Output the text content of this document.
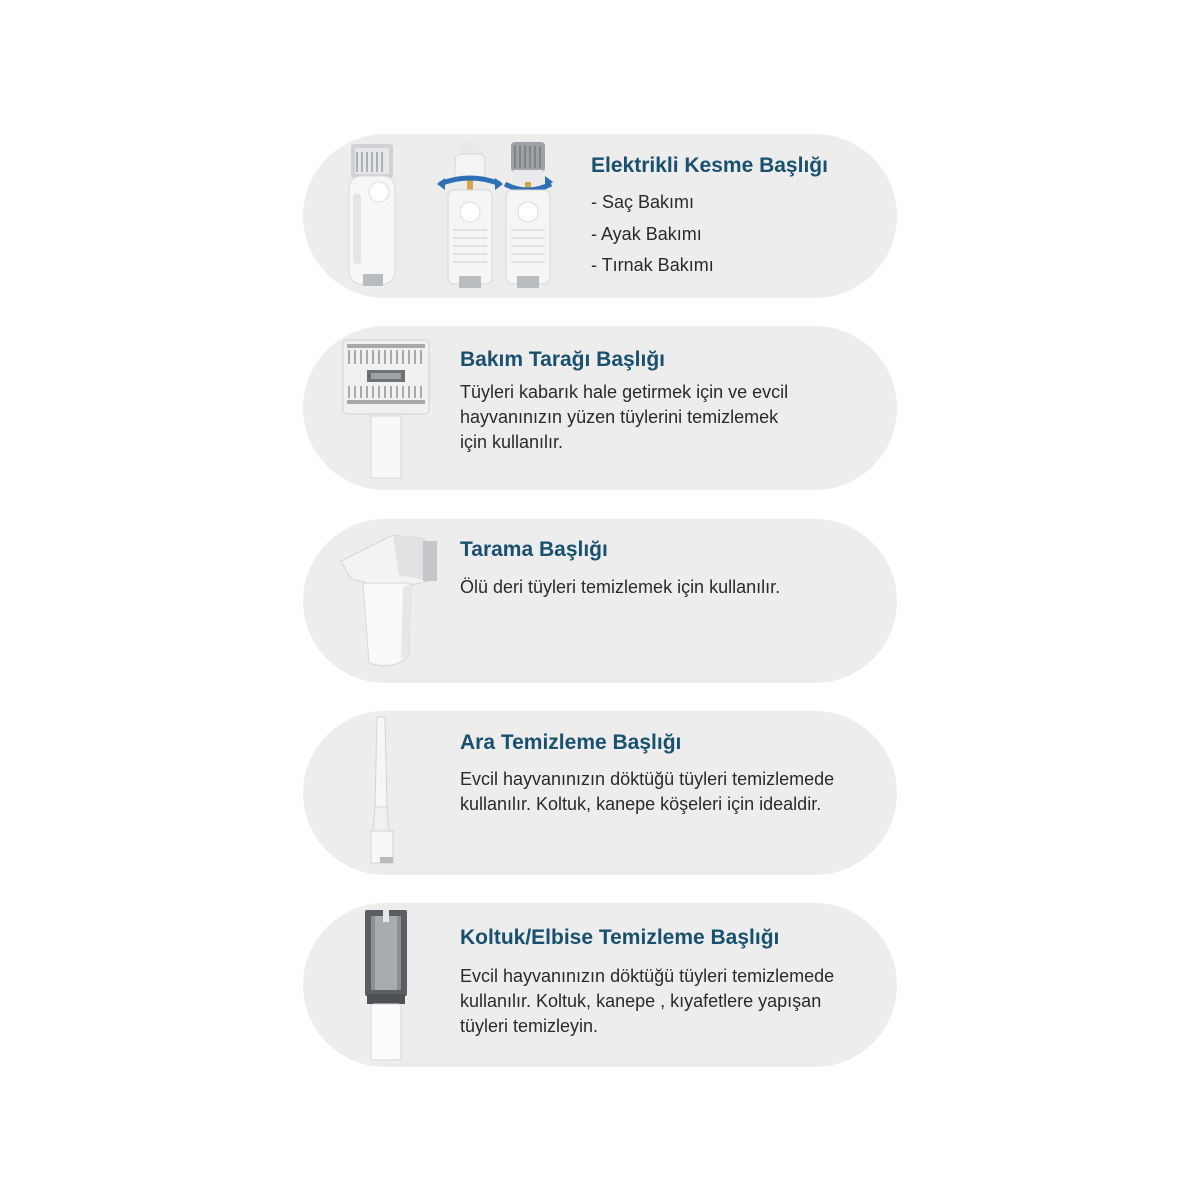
Elektrikli Kesme Başlığı
- Saç Bakımı
- Ayak Bakımı
- Tırnak Bakımı
Bakım Tarağı Başlığı
Tüyleri kabarık hale getirmek için ve evcil
hayvanınızın yüzen tüylerini temizlemek
için kullanılır.
Tarama Başlığı
Ölü deri tüyleri temizlemek için kullanılır.
Ara Temizleme Başlığı
Evcil hayvanınızın döktüğü tüyleri temizlemede
kullanılır. Koltuk, kanepe köşeleri için idealdir.
Koltuk/Elbise Temizleme Başlığı
Evcil hayvanınızın döktüğü tüyleri temizlemede
kullanılır. Koltuk, kanepe , kıyafetlere yapışan
tüyleri temizleyin.
